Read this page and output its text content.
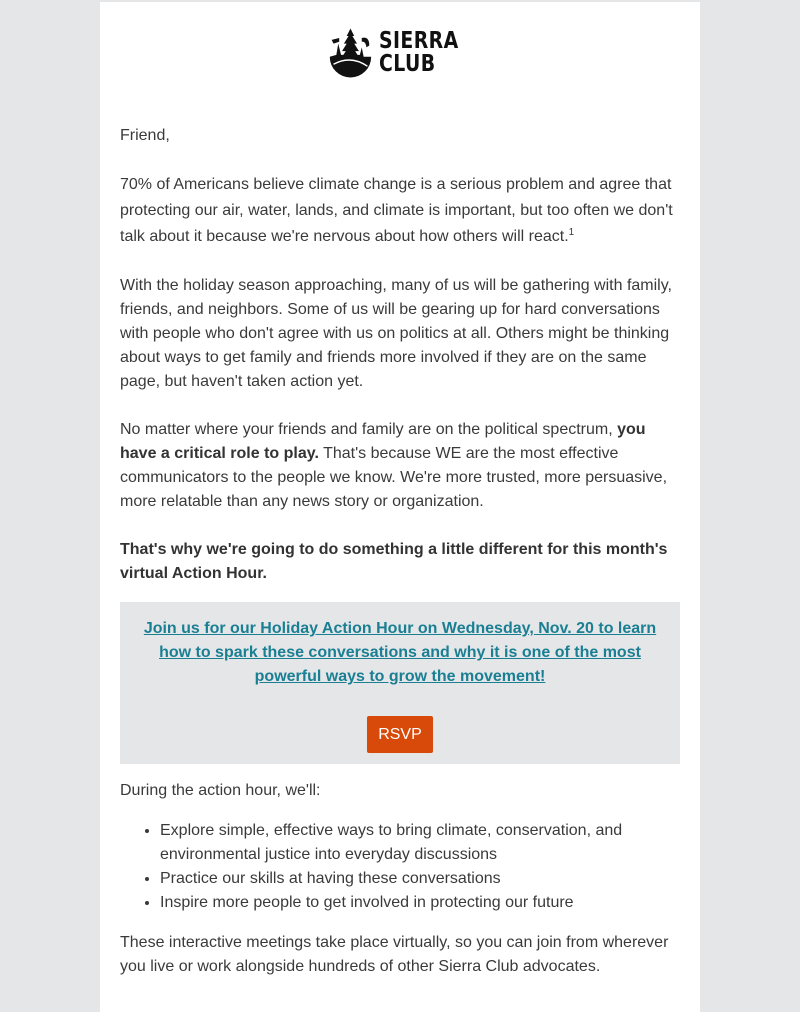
SIERRA
CLUB

Friend,

70% of Americans believe climate change is a serious problem and agree that protecting our air, water, lands, and climate is important, but too often we don't talk about it because we're nervous about how others will react.$^1$

With the holiday season approaching, many of us will be gathering with family, friends, and neighbors. Some of us will be gearing up for hard conversations with people who don't agree with us on politics at all. Others might be thinking about ways to get family and friends more involved if they are on the same page, but haven't taken action yet.

No matter where your friends and family are on the political spectrum, you have a critical role to play. That's because WE are the most effective communicators to the people we know. We're more trusted, more persuasive, more relatable than any news story or organization.

That's why we're going to do something a little different for this month's virtual Action Hour.

Join us for our Holiday Action Hour on Wednesday, Nov. 20 to learn how to spark these conversations and why it is one of the most powerful ways to grow the movement!
RSVP

During the action hour, we'll:

• Explore simple, effective ways to bring climate, conservation, and environmental justice into everyday discussions
• Practice our skills at having these conversations
• Inspire more people to get involved in protecting our future

These interactive meetings take place virtually, so you can join from wherever you live or work alongside hundreds of other Sierra Club advocates.
